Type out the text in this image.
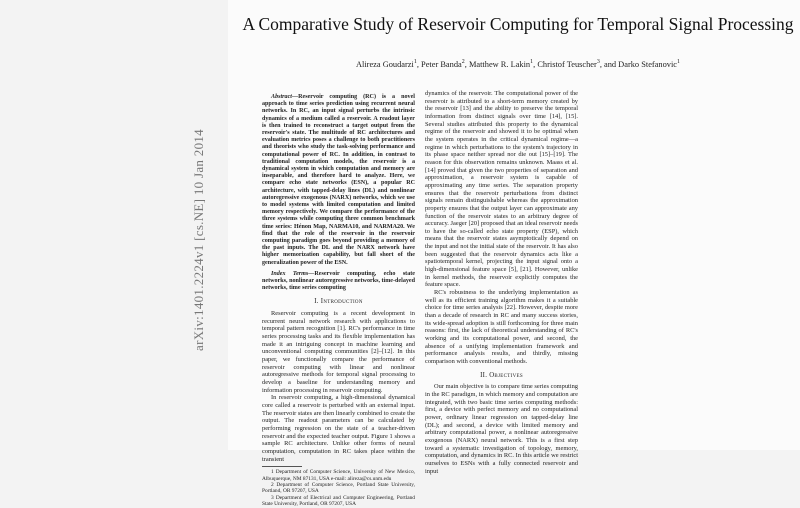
arXiv:1401.2224v1 [cs.NE] 10 Jan 2014
A Comparative Study of Reservoir Computing for Temporal Signal Processing
Alireza Goudarzi$^1$, Peter Banda$^2$, Matthew R. Lakin$^1$, Christof Teuscher$^3$, and Darko Stefanovic$^1$

Abstract—Reservoir computing (RC) is a novel approach to time series prediction using recurrent neural networks. In RC, an input signal perturbs the intrinsic dynamics of a medium called a reservoir. A readout layer is then trained to reconstruct a target output from the reservoir's state. The multitude of RC architectures and evaluation metrics poses a challenge to both practitioners and theorists who study the task-solving performance and computational power of RC. In addition, in contrast to traditional computation models, the reservoir is a dynamical system in which computation and memory are inseparable, and therefore hard to analyze. Here, we compare echo state networks (ESN), a popular RC architecture, with tapped-delay lines (DL) and nonlinear autoregressive exogenous (NARX) networks, which we use to model systems with limited computation and limited memory respectively. We compare the performance of the three systems while computing three common benchmark time series: Hénon Map, NARMA10, and NARMA20. We find that the role of the reservoir in the reservoir computing paradigm goes beyond providing a memory of the past inputs. The DL and the NARX network have higher memorization capability, but fall short of the generalization power of the ESN.

Index Terms—Reservoir computing, echo state networks, nonlinear autoregressive networks, time-delayed networks, time series computing

I. Introduction

Reservoir computing is a recent development in recurrent neural network research with applications to temporal pattern recognition [1]. RC's performance in time series processing tasks and its flexible implementation has made it an intriguing concept in machine learning and unconventional computing communities [2]–[12]. In this paper, we functionally compare the performance of reservoir computing with linear and nonlinear autoregressive methods for temporal signal processing to develop a baseline for understanding memory and information processing in reservoir computing.

In reservoir computing, a high-dimensional dynamical core called a reservoir is perturbed with an external input. The reservoir states are then linearly combined to create the output. The readout parameters can be calculated by performing regression on the state of a teacher-driven reservoir and the expected teacher output. Figure 1 shows a sample RC architecture. Unlike other forms of neural computation, computation in RC takes place within the transient

1 Department of Computer Science, University of New Mexico, Albuquerque, NM 87131, USA e-mail: alireza@cs.unm.edu

2 Department of Computer Science, Portland State University, Portland, OR 97207, USA

3 Department of Electrical and Computer Engineering, Portland State University, Portland, OR 97207, USA

dynamics of the reservoir. The computational power of the reservoir is attributed to a short-term memory created by the reservoir [13] and the ability to preserve the temporal information from distinct signals over time [14], [15]. Several studies attributed this property to the dynamical regime of the reservoir and showed it to be optimal when the system operates in the critical dynamical regime—a regime in which perturbations to the system's trajectory in its phase space neither spread nor die out [15]–[19]. The reason for this observation remains unknown. Maass et al. [14] proved that given the two properties of separation and approximation, a reservoir system is capable of approximating any time series. The separation property ensures that the reservoir perturbations from distinct signals remain distinguishable whereas the approximation property ensures that the output layer can approximate any function of the reservoir states to an arbitrary degree of accuracy. Jaeger [20] proposed that an ideal reservoir needs to have the so-called echo state property (ESP), which means that the reservoir states asymptotically depend on the input and not the initial state of the reservoir. It has also been suggested that the reservoir dynamics acts like a spatiotemporal kernel, projecting the input signal onto a high-dimensional feature space [5], [21]. However, unlike in kernel methods, the reservoir explicitly computes the feature space.

RC's robustness to the underlying implementation as well as its efficient training algorithm makes it a suitable choice for time series analysis [22]. However, despite more than a decade of research in RC and many success stories, its wide-spread adoption is still forthcoming for three main reasons: first, the lack of theoretical understanding of RC's working and its computational power, and second, the absence of a unifying implementation framework and performance analysis results, and thirdly, missing comparison with conventional methods.

II. Objectives

Our main objective is to compare time series computing in the RC paradigm, in which memory and computation are integrated, with two basic time series computing methods: first, a device with perfect memory and no computational power, ordinary linear regression on tapped-delay line (DL); and second, a device with limited memory and arbitrary computational power, a nonlinear autoregressive exogenous (NARX) neural network. This is a first step toward a systematic investigation of topology, memory, computation, and dynamics in RC. In this article we restrict ourselves to ESNs with a fully connected reservoir and input
